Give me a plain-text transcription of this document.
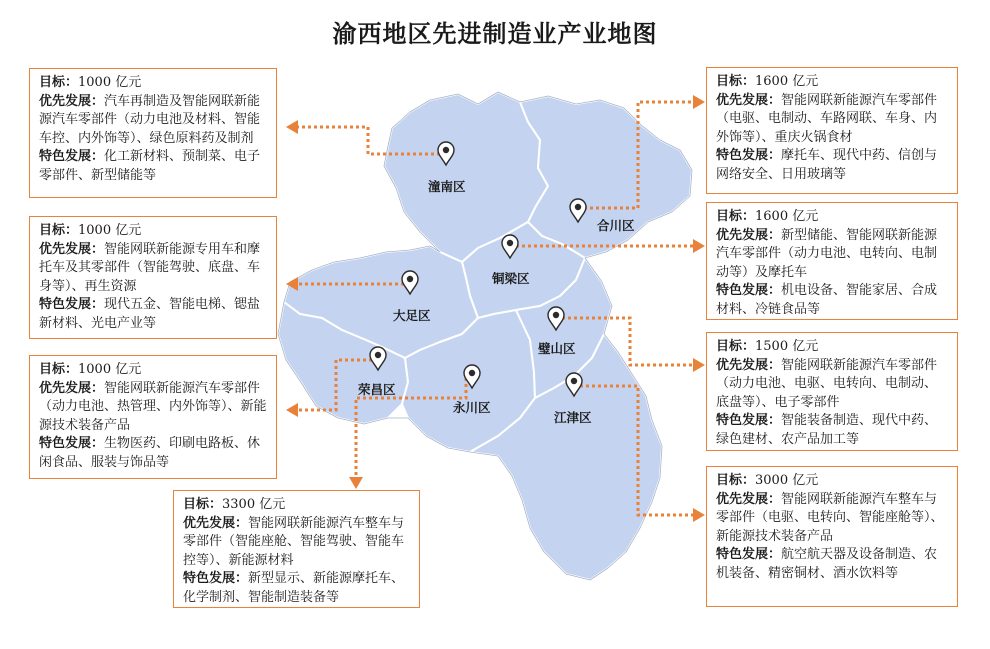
渝西地区先进制造业产业地图
潼南区
合川区
铜梁区
大足区
璧山区
荣昌区
永川区
江津区

目标：1000 亿元

优先发展：汽车再制造及智能网联新能源汽车零部件（动力电池及材料、智能车控、内外饰等）、绿色原料药及制剂

特色发展：化工新材料、预制菜、电子零部件、新型储能等

目标：1000 亿元

优先发展：智能网联新能源专用车和摩托车及其零部件（智能驾驶、底盘、车身等）、再生资源

特色发展：现代五金、智能电梯、锶盐新材料、光电产业等

目标：1000 亿元

优先发展：智能网联新能源汽车零部件（动力电池、热管理、内外饰等）、新能源技术装备产品

特色发展：生物医药、印刷电路板、休闲食品、服装与饰品等

目标：3300 亿元

优先发展：智能网联新能源汽车整车与零部件（智能座舱、智能驾驶、智能车控等）、新能源材料

特色发展：新型显示、新能源摩托车、化学制剂、智能制造装备等

目标：1600 亿元

优先发展：智能网联新能源汽车零部件（电驱、电制动、车路网联、车身、内外饰等）、重庆火锅食材

特色发展：摩托车、现代中药、信创与网络安全、日用玻璃等

目标：1600 亿元

优先发展：新型储能、智能网联新能源汽车零部件（动力电池、电转向、电制动等）及摩托车

特色发展：机电设备、智能家居、合成材料、冷链食品等

目标：1500 亿元

优先发展：智能网联新能源汽车零部件（动力电池、电驱、电转向、电制动、底盘等）、电子零部件

特色发展：智能装备制造、现代中药、绿色建材、农产品加工等

目标：3000 亿元

优先发展：智能网联新能源汽车整车与零部件（电驱、电转向、智能座舱等）、新能源技术装备产品

特色发展：航空航天器及设备制造、农机装备、精密铜材、酒水饮料等
